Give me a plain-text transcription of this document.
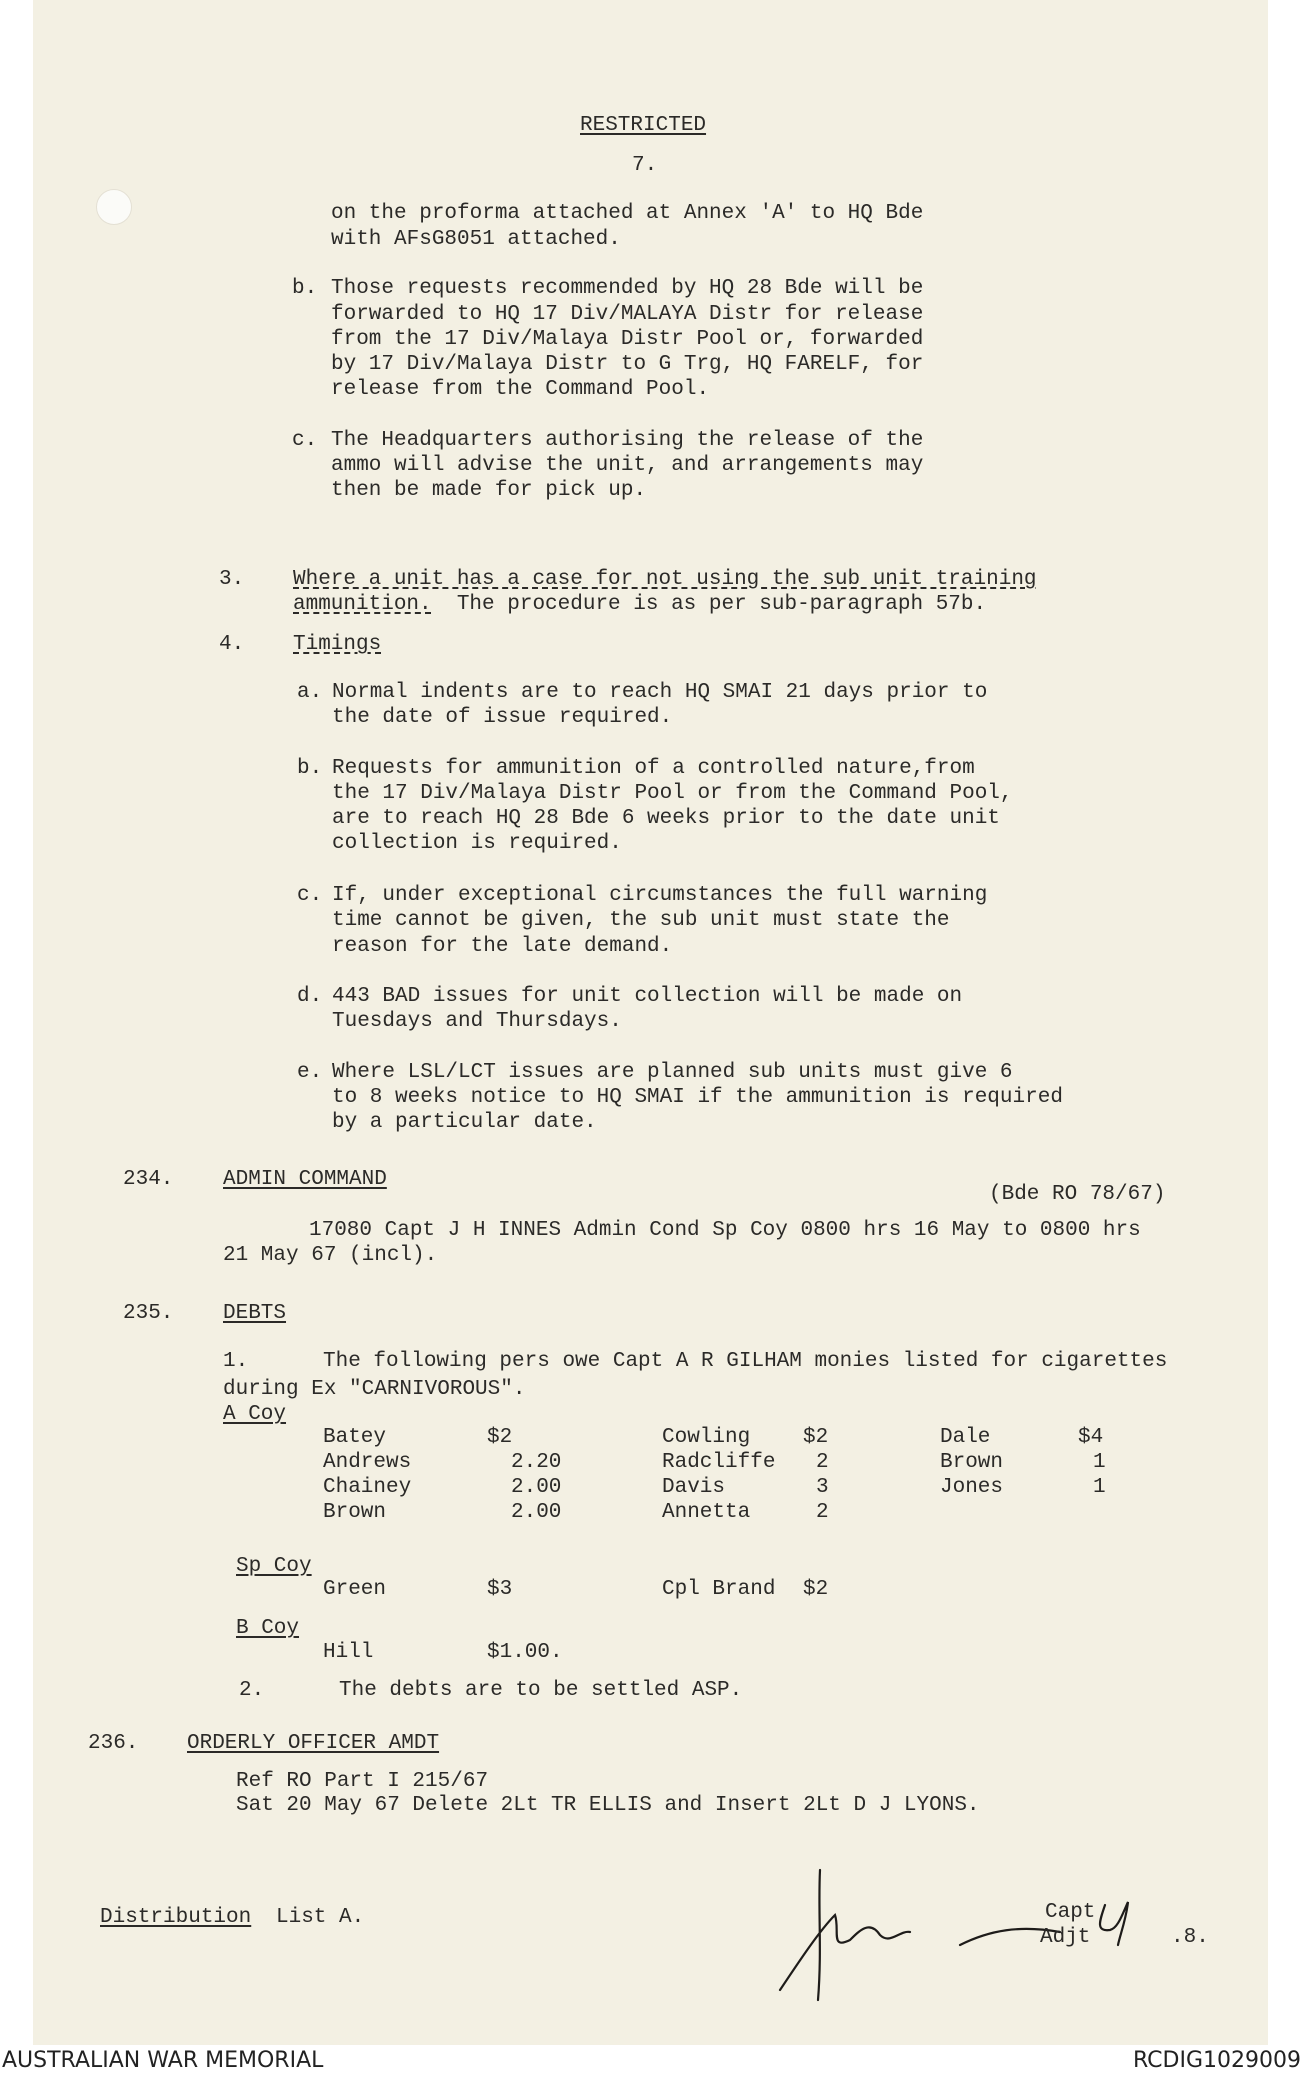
RESTRICTED
7.
on the proforma attached at Annex 'A' to HQ Bde
with AFsG8051 attached.
b. Those requests recommended by HQ 28 Bde will be
forwarded to HQ 17 Div/MALAYA Distr for release
from the 17 Div/Malaya Distr Pool or, forwarded
by 17 Div/Malaya Distr to G Trg, HQ FARELF, for
release from the Command Pool.
c. The Headquarters authorising the release of the
ammo will advise the unit, and arrangements may
then be made for pick up.
3. Where a unit has a case for not using the sub unit training
ammunition.  The procedure is as per sub-paragraph 57b.
4. Timings
a. Normal indents are to reach HQ SMAI 21 days prior to
the date of issue required.
b. Requests for ammunition of a controlled nature,from
the 17 Div/Malaya Distr Pool or from the Command Pool,
are to reach HQ 28 Bde 6 weeks prior to the date unit
collection is required.
c. If, under exceptional circumstances the full warning
time cannot be given, the sub unit must state the
reason for the late demand.
d. 443 BAD issues for unit collection will be made on
Tuesdays and Thursdays.
e. Where LSL/LCT issues are planned sub units must give 6
to 8 weeks notice to HQ SMAI if the ammunition is required
by a particular date.
234. ADMIN COMMAND
(Bde RO 78/67)
17080 Capt J H INNES Admin Cond Sp Coy 0800 hrs 16 May to 0800 hrs
21 May 67 (incl).
235. DEBTS
1.	The following pers owe Capt A R GILHAM monies listed for cigarettes
during Ex "CARNIVOROUS".
A Coy
Batey	$2	Cowling	$2	Dale	$4
Andrews	2.20	Radcliffe 2	Brown	1
Chainey	2.00	Davis	3	Jones	1
Brown	2.00	Annetta	2
Sp Coy
Green	$3	Cpl Brand $2
B Coy
Hill	$1.00.
2.	The debts are to be settled ASP.
236. ORDERLY OFFICER AMDT
Ref RO Part I 215/67
Sat 20 May 67 Delete 2Lt TR ELLIS and Insert 2Lt D J LYONS.
Distribution List A.	Capt
Adjt	.8.
AUSTRALIAN WAR MEMORIAL	RCDIG1029009
